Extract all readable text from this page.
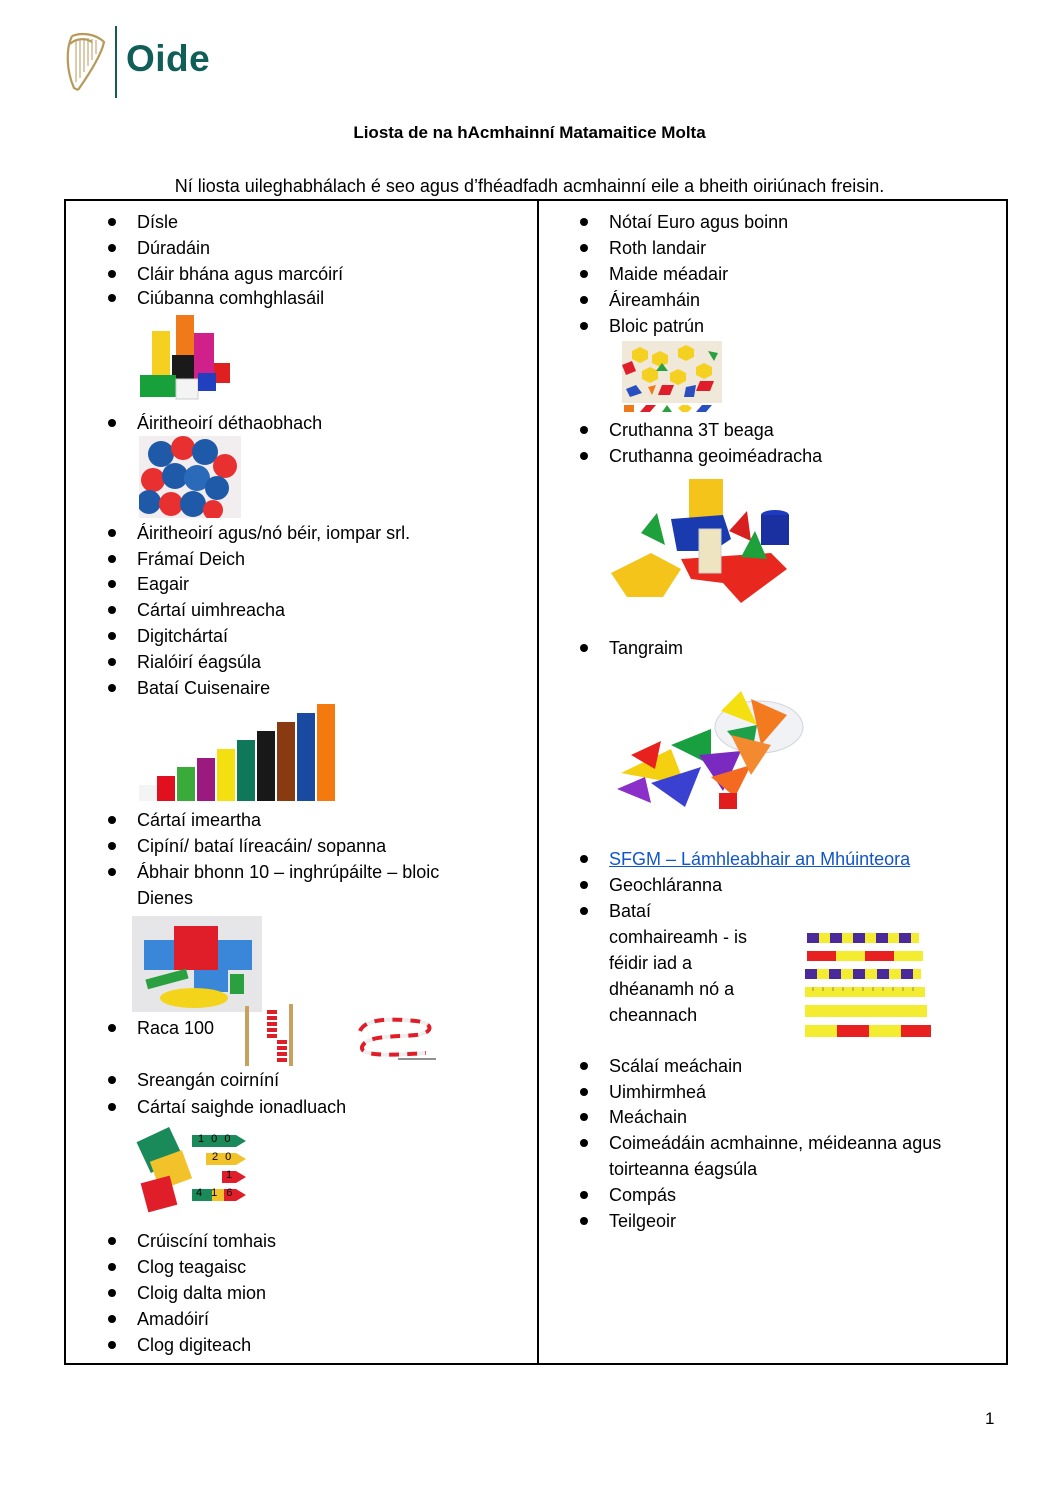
Oide
Liosta de na hAcmhainní Matamaitice Molta
Ní liosta uileghabhálach é seo agus d’fhéadfadh acmhainní eile a bheith oiriúnach freisin.
Dísle
Dúradáin
Cláir bhána agus marcóirí
Ciúbanna comhghlasáil
Áiritheoirí déthaobhach
Áiritheoirí agus/nó béir, iompar srl.
Frámaí Deich
Eagair
Cártaí uimhreacha
Digitchártaí
Rialóirí éagsúla
Bataí Cuisenaire
Cártaí imeartha
Cipíní/ bataí líreacáin/ sopanna
Ábhair bhonn 10 – inghrúpáilte – bloic Dienes
Raca 100
Sreangán coirníní
Cártaí saighde ionadluach
1 0 0
2 0
1
4 1 6
Crúiscíní tomhais
Clog teagaisc
Cloig dalta mion
Amadóirí
Clog digiteach
Nótaí Euro agus boinn
Roth landair
Maide méadair
Áireamháin
Bloic patrún
Cruthanna 3T beaga
Cruthanna geoiméadracha
Tangraim
SFGM – Lámhleabhair an Mhúinteora
Geochláranna
Bataí comhaireamh - is féidir iad a dhéanamh nó a cheannach
Scálaí meáchain
Uimhirmheá
Meáchain
Coimeádáin acmhainne, méideanna agus toirteanna éagsúla
Compás
Teilgeoir
1
